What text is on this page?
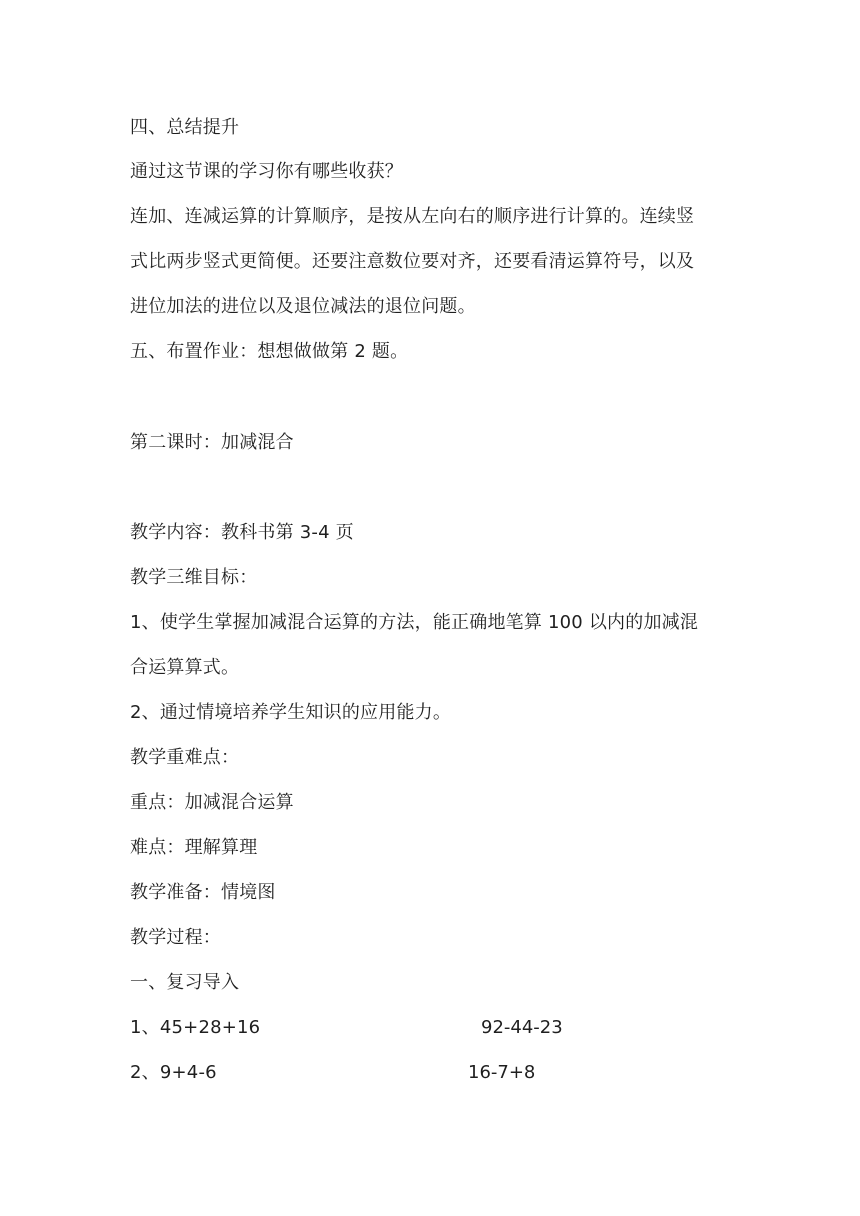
四、总结提升
通过这节课的学习你有哪些收获？
连加、连减运算的计算顺序，是按从左向右的顺序进行计算的。连续竖
式比两步竖式更简便。还要注意数位要对齐，还要看清运算符号，以及
进位加法的进位以及退位减法的退位问题。
五、布置作业：想想做做第 2 题。
第二课时：加减混合
教学内容：教科书第 3-4 页
教学三维目标：
1、使学生掌握加减混合运算的方法，能正确地笔算 100 以内的加减混
合运算算式。
2、通过情境培养学生知识的应用能力。
教学重难点：
重点：加减混合运算
难点：理解算理
教学准备：情境图
教学过程：
一、复习导入
1、45+28+16	92-44-23
2、9+4-6	16-7+8
